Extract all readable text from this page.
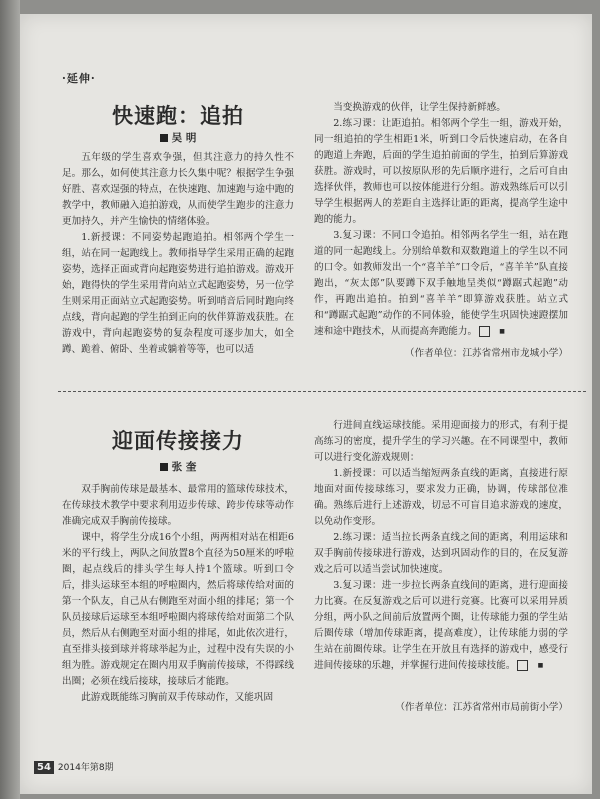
·延伸·
快速跑：追拍
吴 明

五年级的学生喜欢争强，但其注意力的持久性不足。那么，如何使其注意力长久集中呢？根据学生争强好胜、喜欢逞强的特点，在快速跑、加速跑与途中跑的教学中，教师融入追拍游戏，从而使学生跑步的注意力更加持久，并产生愉快的情绪体验。

1.新授课：不同姿势起跑追拍。相邻两个学生一组，站在同一起跑线上。教师指导学生采用正确的起跑姿势，选择正面或背向起跑姿势进行追拍游戏。游戏开始，跑得快的学生采用背向站立式起跑姿势，另一位学生则采用正面站立式起跑姿势。听到哨音后同时跑向终点线，背向起跑的学生拍到正向的伙伴算游戏获胜。在游戏中，背向起跑姿势的复杂程度可逐步加大，如全蹲、跪着、俯卧、坐着或躺着等等，也可以适

当变换游戏的伙伴，让学生保持新鲜感。

2.练习课：让距追拍。相邻两个学生一组，游戏开始，同一组追拍的学生相距1米，听到口令后快速启动，在各自的跑道上奔跑，后面的学生追拍前面的学生，拍到后算游戏获胜。游戏时，可以按原队形的先后顺序进行，之后可自由选择伙伴，教师也可以按体能进行分组。游戏熟练后可以引导学生根据两人的差距自主选择让距的距离，提高学生途中跑的能力。

3.复习课：不同口令追拍。相邻两名学生一组，站在跑道的同一起跑线上。分别给单数和双数跑道上的学生以不同的口令。如教师发出一个“喜羊羊”口令后，“喜羊羊”队直接跑出，“灰太郎”队要蹲下双手触地呈类似“蹲踞式起跑”动作，再跑出追拍。拍到“喜羊羊”即算游戏获胜。站立式和“蹲踞式起跑”动作的不同体验，能使学生巩固快速蹬摆加速和途中跑技术，从而提高奔跑能力。	■

（作者单位：江苏省常州市龙城小学）

迎面传接接力
张 奎

双手胸前传球是最基本、最常用的篮球传球技术，在传球技术教学中要求利用迈步传球、跨步传球等动作准确完成双手胸前传接球。

课中，将学生分成16个小组，两两相对站在相距6米的平行线上，两队之间放置8个直径为50厘米的呼啦圈，起点线后的排头学生每人持1个篮球。听到口令后，排头运球至本组的呼啦圈内，然后将球传给对面的第一个队友，自己从右侧跑至对面小组的排尾；第一个队员接球后运球至本组呼啦圈内将球传给对面第二个队员，然后从右侧跑至对面小组的排尾，如此依次进行，直至排头接到球并将球举起为止，过程中没有失误的小组为胜。游戏规定在圈内用双手胸前传接球，不得踩线出圈；必须在线后接球，接球后才能跑。

此游戏既能练习胸前双手传球动作，又能巩固

行进间直线运球技能。采用迎面接力的形式，有利于提高练习的密度，提升学生的学习兴趣。在不同课型中，教师可以进行变化游戏规则：

1.新授课：可以适当缩短两条直线的距离，直接进行原地面对面传接球练习，要求发力正确，协调，传球部位准确。熟练后进行上述游戏，切忌不可盲目追求游戏的速度，以免动作变形。

2.练习课：适当拉长两条直线之间的距离，利用运球和双手胸前传接球进行游戏，达到巩固动作的目的，在反复游戏之后可以适当尝试加快速度。

3.复习课：进一步拉长两条直线间的距离，进行迎面接力比赛。在反复游戏之后可以进行竞赛。比赛可以采用异质分组，两小队之间前后放置两个圈，让传球能力强的学生站后圈传球（增加传球距离，提高难度），让传球能力弱的学生站在前圈传球。让学生在开放且有选择的游戏中，感受行进间传接球的乐趣，并掌握行进间传接球技能。	■

（作者单位：江苏省常州市局前街小学）

54 2014年第8期
